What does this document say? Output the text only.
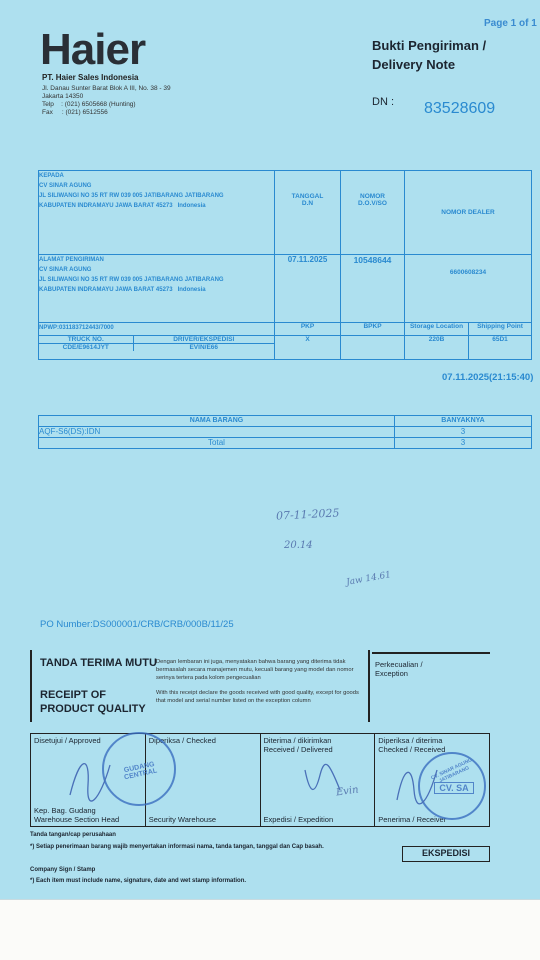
Haier
PT. Haier Sales Indonesia
Jl. Danau Sunter Barat Blok A III, No. 38 - 39
Jakarta 14350
Telp    : (021) 6505668 (Hunting)
Fax     : (021) 6512556
Page 1 of 1
Bukti Pengiriman /
Delivery Note
DN : 83528609
KEPADA
CV SINAR AGUNG
JL SILIWANGI NO 35 RT RW 039 005 JATIBARANG JATIBARANG
KABUPATEN INDRAMAYU JAWA BARAT 45273 Indonesia

TANGGAL
D.N

NOMOR
D.O.V/SO

NOMOR DEALER

ALAMAT PENGIRIMAN
CV SINAR AGUNG
JL SILIWANGI NO 35 RT RW 039 005 JATIBARANG JATIBARANG
KABUPATEN INDRAMAYU JAWA BARAT 45273 Indonesia
	07.11.2025	10548644	6600608234
NPWP:031183712443/7000	PKP	BPKP	Storage Location	Shipping Point

TRUCK NO.	DRIVER/EKSPEDISI
CDE/E9614JYT	EVIN/E66
	X		220B	65D1
07.11.2025(21:15:40)
NAMA BARANG	BANYAKNYA
AQF-S6(DS):IDN	3
Total	3
07-11-2025
20.14
Jaw 14.61
PO Number:DS000001/CRB/CRB/000B/11/25
TANDA TERIMA MUTU Dengan lembaran ini juga, menyatakan bahwa barang yang diterima tidak bermasalah secara manajemen mutu, kecuali barang yang model dan nomor serinya tertera pada kolom pengecualian
RECEIPT OF PRODUCT QUALITY
With this receipt declare the goods received with good quality, except for goods that model and serial number listed on the exception column
Perkecualian / Exception
Disetujui / Approved
Kep. Bag. Gudang
Warehouse Section Head

Diperiksa / Checked
Security Warehouse

Diterima / dikirimkan
Received / Delivered
Expedisi / Expedition

Diperiksa / diterima
Checked / Received
Penerima / Receiver
GUDANG CENTRAL
Evin
CV. SINAR AGUNG JATIBARANG
CV. SA
Tanda tangan/cap perusahaan
*) Setiap penerimaan barang wajib menyertakan informasi nama, tanda tangan, tanggal dan Cap basah.
EKSPEDISI
Company Sign / Stamp
*) Each item must include name, signature, date and wet stamp information.
